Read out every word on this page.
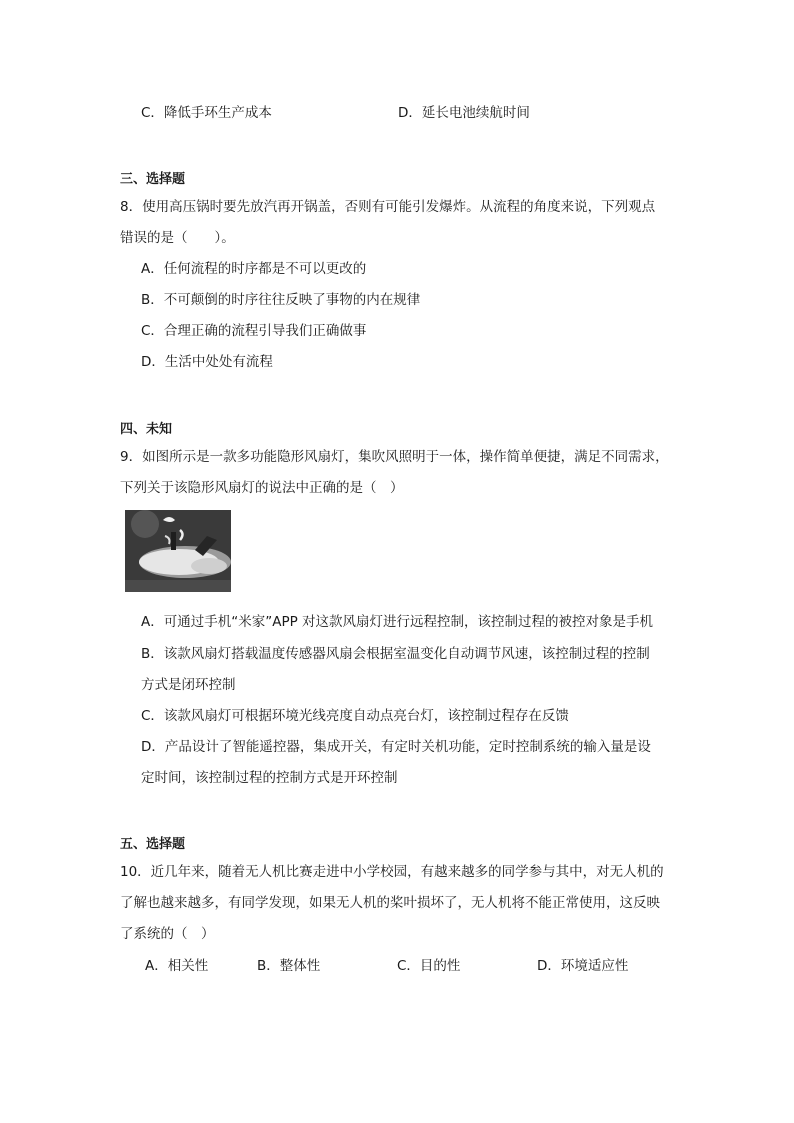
C．降低手环生产成本	D．延长电池续航时间
三、选择题
8．使用高压锅时要先放汽再开锅盖，否则有可能引发爆炸。从流程的角度来说，下列观点
错误的是（　　）。
A．任何流程的时序都是不可以更改的
B．不可颠倒的时序往往反映了事物的内在规律
C．合理正确的流程引导我们正确做事
D．生活中处处有流程
四、未知
9．如图所示是一款多功能隐形风扇灯，集吹风照明于一体，操作简单便捷，满足不同需求，
下列关于该隐形风扇灯的说法中正确的是（　）
A．可通过手机“米家”APP 对这款风扇灯进行远程控制，该控制过程的被控对象是手机
B．该款风扇灯搭载温度传感器风扇会根据室温变化自动调节风速，该控制过程的控制
方式是闭环控制
C．该款风扇灯可根据环境光线亮度自动点亮台灯，该控制过程存在反馈
D．产品设计了智能遥控器，集成开关，有定时关机功能，定时控制系统的输入量是设
定时间，该控制过程的控制方式是开环控制
五、选择题
10．近几年来，随着无人机比赛走进中小学校园，有越来越多的同学参与其中，对无人机的
了解也越来越多，有同学发现，如果无人机的桨叶损坏了，无人机将不能正常使用，这反映
了系统的（　）
A．相关性	B．整体性	C．目的性	D．环境适应性
